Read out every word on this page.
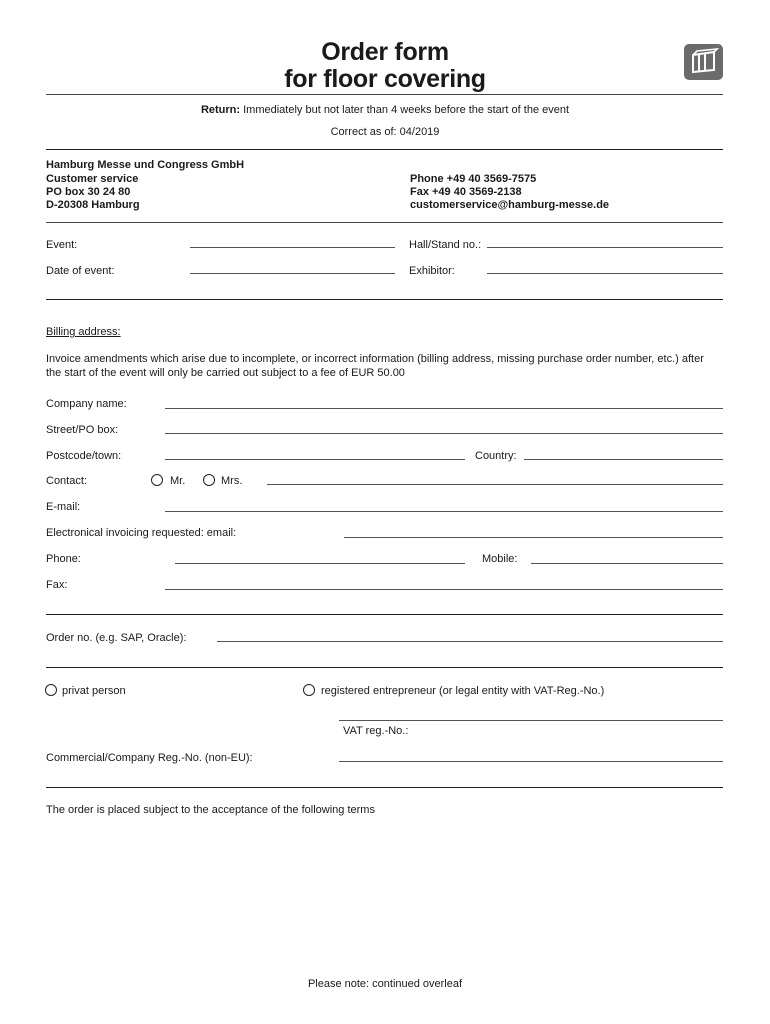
Order form
for floor covering
Return: Immediately but not later than 4 weeks before the start of the event
Correct as of: 04/2019
Hamburg Messe und Congress GmbH
Customer service
PO box 30 24 80
D-20308 Hamburg
Phone +49 40 3569-7575
Fax +49 40 3569-2138
customerservice@hamburg-messe.de
Event:	Hall/Stand no.:
Date of event:	Exhibitor:
Billing address:
Invoice amendments which arise due to incomplete, or incorrect information (billing address, missing purchase order number, etc.) after
the start of the event will only be carried out subject to a fee of EUR 50.00
Company name:
Street/PO box:
Postcode/town:	Country:
Contact:	Mr.	Mrs.
E-mail:
Electronical invoicing requested: email:
Phone:	Mobile:
Fax:
Order no. (e.g. SAP, Oracle):
privat person	registered entrepreneur (or legal entity with VAT-Reg.-No.)
VAT reg.-No.:
Commercial/Company Reg.-No. (non-EU):
The order is placed subject to the acceptance of the following terms
Please note: continued overleaf
